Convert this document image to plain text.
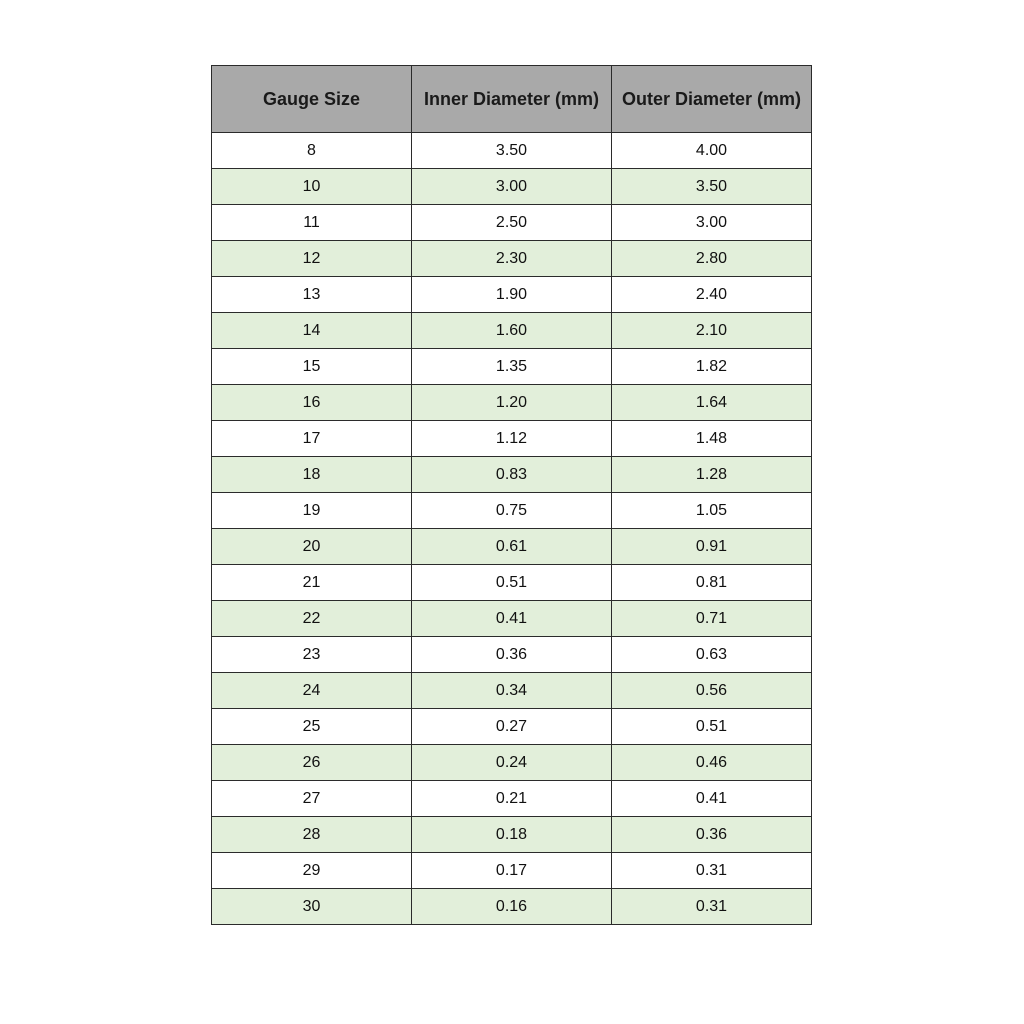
Gauge Size	Inner Diameter (mm)	Outer Diameter (mm)
8	3.50	4.00
10	3.00	3.50
11	2.50	3.00
12	2.30	2.80
13	1.90	2.40
14	1.60	2.10
15	1.35	1.82
16	1.20	1.64
17	1.12	1.48
18	0.83	1.28
19	0.75	1.05
20	0.61	0.91
21	0.51	0.81
22	0.41	0.71
23	0.36	0.63
24	0.34	0.56
25	0.27	0.51
26	0.24	0.46
27	0.21	0.41
28	0.18	0.36
29	0.17	0.31
30	0.16	0.31
